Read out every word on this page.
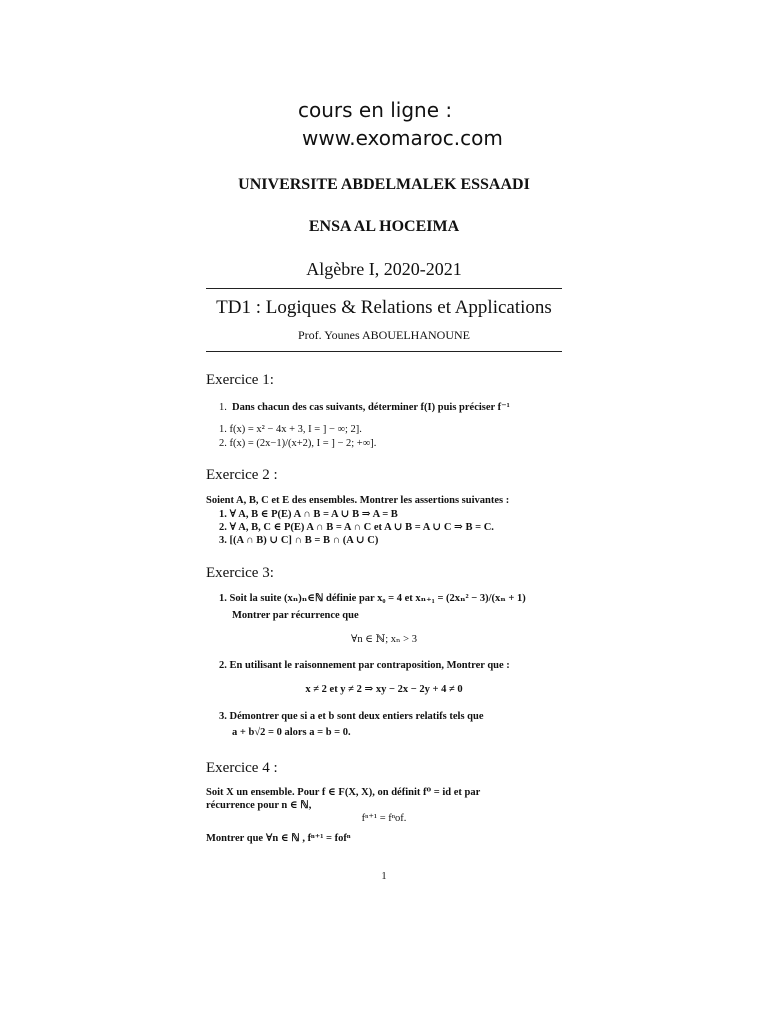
cours en ligne :
www.exomaroc.com
UNIVERSITE ABDELMALEK ESSAADI
ENSA AL HOCEIMA
Algèbre I, 2020-2021
TD1 : Logiques & Relations et Applications
Prof. Younes ABOUELHANOUNE
Exercice 1:
1. Dans chacun des cas suivants, déterminer f(I) puis préciser f⁻¹
1. f(x) = x² − 4x + 3, I = ] − ∞; 2].
2. f(x) = (2x−1)/(x+2), I = ] − 2; +∞].
Exercice 2 :
Soient A, B, C et E des ensembles. Montrer les assertions suivantes :
1. ∀ A, B ∈ P(E) A ∩ B = A ∪ B ⇒ A = B
2. ∀ A, B, C ∈ P(E) A ∩ B = A ∩ C et A ∪ B = A ∪ C ⇒ B = C.
3. [(A ∩ B) ∪ C] ∩ B = B ∩ (A ∪ C)
Exercice 3:
1. Soit la suite (xₙ)ₙ∈ℕ définie par x₀ = 4 et xₙ₊₁ = (2xₙ² − 3)/(xₙ + 1)
Montrer par récurrence que
∀n ∈ ℕ; xₙ > 3
2. En utilisant le raisonnement par contraposition, Montrer que :
x ≠ 2 et y ≠ 2 ⇒ xy − 2x − 2y + 4 ≠ 0
3. Démontrer que si a et b sont deux entiers relatifs tels que
a + b√2 = 0 alors a = b = 0.
Exercice 4 :
Soit X un ensemble. Pour f ∈ F(X, X), on définit f⁰ = id et par
récurrence pour n ∈ ℕ,
fⁿ⁺¹ = fⁿof.
Montrer que ∀n ∈ ℕ , fⁿ⁺¹ = fofⁿ
1
